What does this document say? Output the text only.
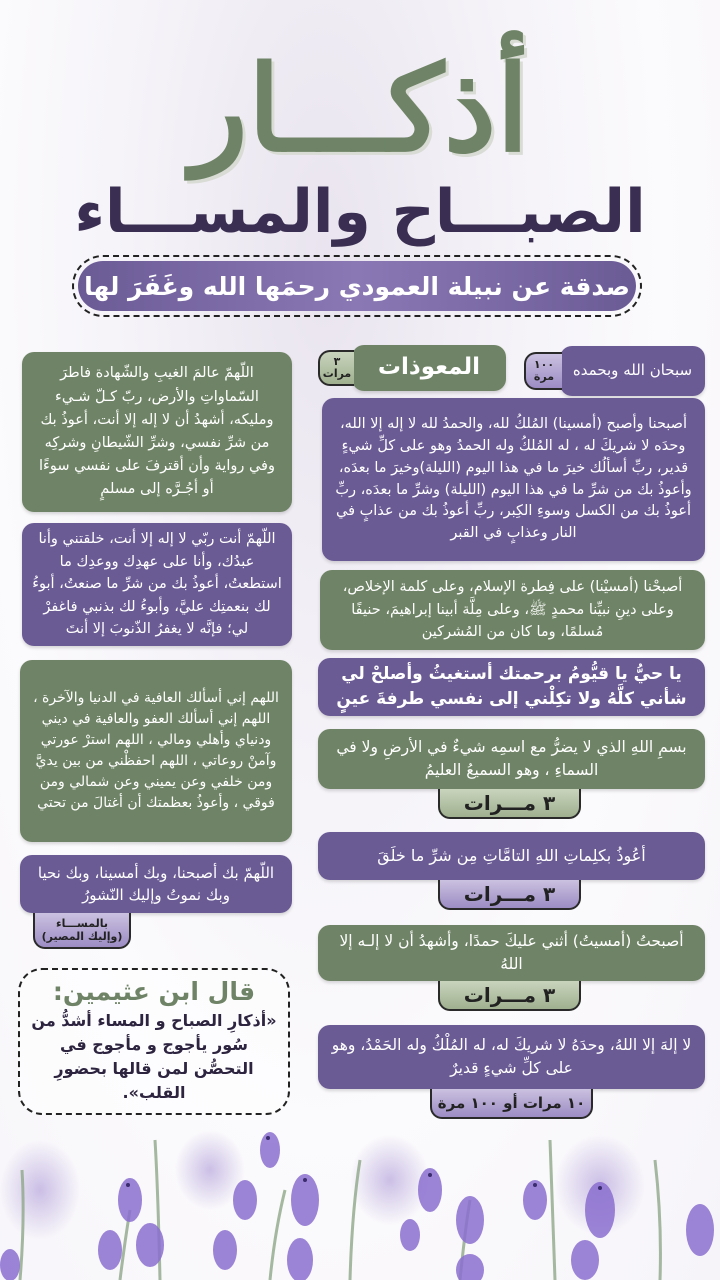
أذكـــار
الصبـــاح والمســـاء
صدقة عن نبيلة العمودي رحمَها الله وغَفَرَ لها
سبحان الله وبحمده
١٠٠
مرة
المعوذات
٣
مرات
أصبحنا وأصبح (أمسينا) المُلكُ لله، والحمدُ لله لا إله إلا الله، وحدَه لا شريكَ له ، له المُلكُ وله الحمدُ وهو على كلِّ شيءٍ قدير، ربِّ أسألُك خيرَ ما في هذا اليوم (الليلة)وخيرَ ما بعدَه، وأعوذُ بك من شرِّ ما في هذا اليوم (الليلة) وشرِّ ما بعدَه، ربِّ أعوذُ بك من الكسل وسوءِ الكِبر، ربِّ أعوذُ بك من عذابٍ في النار وعذابٍ في القبر
أصبحْنا (أمسيْنا) على فِطرة الإسلام، وعلى كلمة الإخلاص، وعلى دينِ نبيِّنا محمدٍ ﷺ، وعلى مِلَّة أبينا إبراهيمَ، حنيفًا مُسلمًا، وما كان من المُشركين
يا حيُّ يا قيُّومُ برحمتك أستغيثُ وأصلحْ لي شأني كلَّهُ ولا تكِلْني إلى نفسي طرفةَ عينٍ
بسمِ اللهِ الذي لا يضرُّ مع اسمِه شيءٌ في الأرضِ ولا في السماءِ ، وهو السميعُ العليمُ
٣ مـــرات
أعُوذُ بكلِماتِ اللهِ التامَّاتِ مِن شرِّ ما خلَقَ
٣ مـــرات
أصبحتُ (أمسيتُ) أثني عليكَ حمدًا، وأشهدُ أن لا إلـه إلا اللهُ
٣ مـــرات
لا إلهَ إلا اللهُ، وحدَهُ لا شريكَ له، له المُلْكُ وله الحَمْدُ، وهو على كلِّ شيءٍ قديرٌ
١٠ مرات أو ١٠٠ مرة
اللّهمّ عالمَ الغيبِ والشّهادة فاطرَ السّماواتِ والأرض، ربّ كـلّ شـيء ومليكه، أشهدُ أن لا إله إلا أنت، أعوذُ بك من شرِّ نفسي، وشرِّ الشّيطانِ وشركِه وفي رواية وأن أقترفَ على نفسي سوءًا أو أجُـرَّه إلى مسلمٍ
اللّهمّ أنت ربّي لا إله إلا أنت، خلقتني وأنا عبدُك، وأنا على عهدِك ووعدِك ما استطعتُ، أعوذُ بك من شرِّ ما صنعتُ، أبوءُ لك بنعمتِك عليَّ، وأبوءُ لك بذنبي فاغفرْ لي؛ فإنَّه لا يغفرُ الذّنوبَ إلا أنتَ
اللهم إني أسألك العافية في الدنيا والآخرة ، اللهم إني أسألك العفو والعافية في ديني ودنياي وأهلي ومالي ، اللهم استرْ عورتي وآمنْ روعاتي ، اللهم احفظْني من بين يديَّ ومن خلفي وعن يميني وعن شمالي ومن فوقي ، وأعوذُ بعظمتك أن أغتالَ من تحتي
اللّهمّ بك أصبحنا، وبك أمسينا، وبك نحيا وبك نموتُ وإليك النّشورُ
بالمســـاء
(وإليك المصير)
قال ابن عثيمين:
«أذكارِ الصباح و المساء أشدُّ من سُور يأجوج و مأجوج في التحصُّن لمن قالها بحضورِ القلب».
